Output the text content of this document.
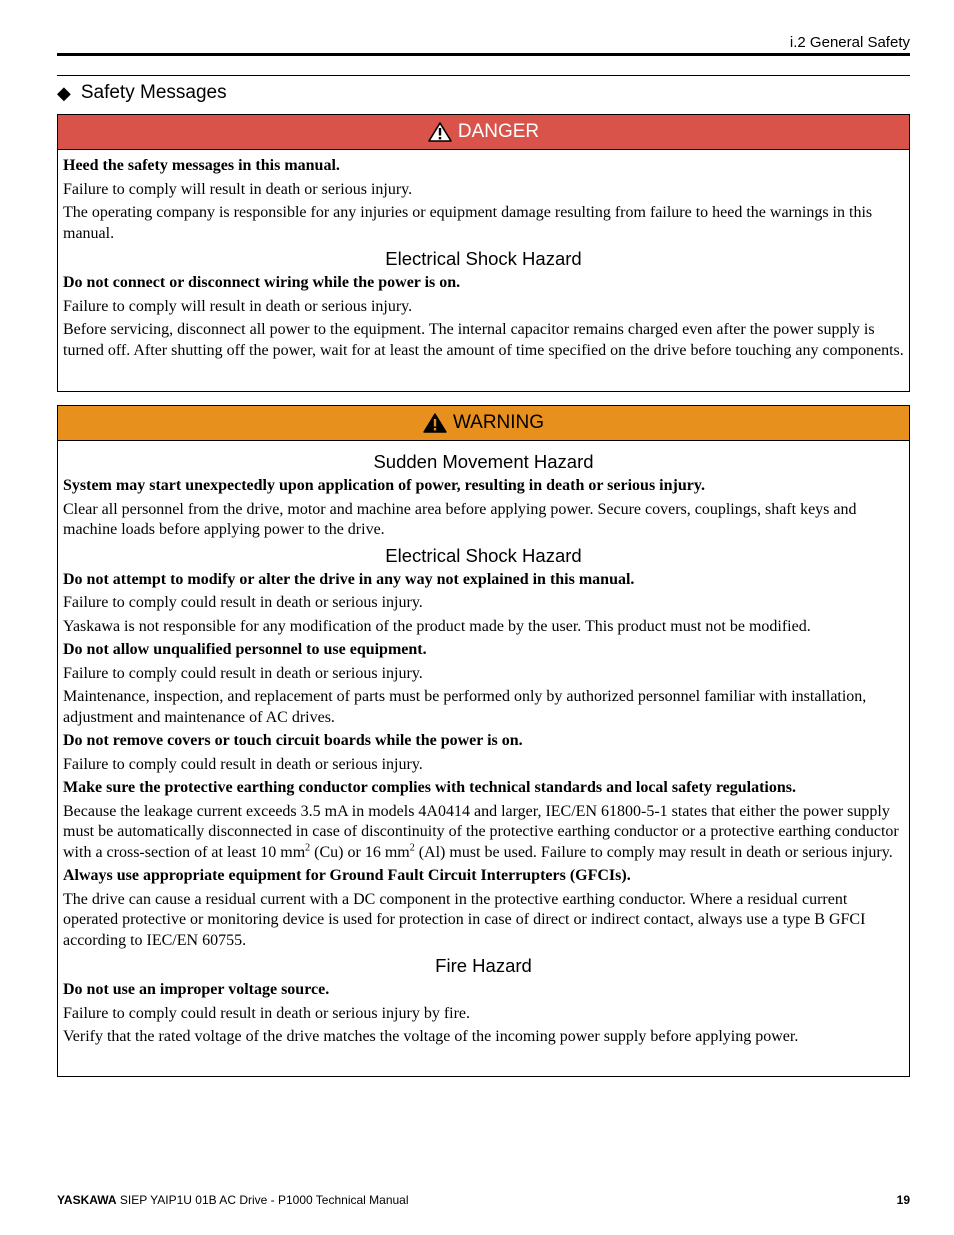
i.2 General Safety
◆ Safety Messages
DANGER

Heed the safety messages in this manual.

Failure to comply will result in death or serious injury.

The operating company is responsible for any injuries or equipment damage resulting from failure to heed the warnings in this manual.

Electrical Shock Hazard

Do not connect or disconnect wiring while the power is on.

Failure to comply will result in death or serious injury.

Before servicing, disconnect all power to the equipment. The internal capacitor remains charged even after the power supply is turned off. After shutting off the power, wait for at least the amount of time specified on the drive before touching any components.

WARNING
Sudden Movement Hazard

System may start unexpectedly upon application of power, resulting in death or serious injury.

Clear all personnel from the drive, motor and machine area before applying power. Secure covers, couplings, shaft keys and machine loads before applying power to the drive.

Electrical Shock Hazard

Do not attempt to modify or alter the drive in any way not explained in this manual.

Failure to comply could result in death or serious injury.

Yaskawa is not responsible for any modification of the product made by the user. This product must not be modified.

Do not allow unqualified personnel to use equipment.

Failure to comply could result in death or serious injury.

Maintenance, inspection, and replacement of parts must be performed only by authorized personnel familiar with installation, adjustment and maintenance of AC drives.

Do not remove covers or touch circuit boards while the power is on.

Failure to comply could result in death or serious injury.

Make sure the protective earthing conductor complies with technical standards and local safety regulations.

Because the leakage current exceeds 3.5 mA in models 4A0414 and larger, IEC/EN 61800-5-1 states that either the power supply must be automatically disconnected in case of discontinuity of the protective earthing conductor or a protective earthing conductor with a cross-section of at least 10 $mm^2$ (Cu) or 16 $mm^2$ (Al) must be used. Failure to comply may result in death or serious injury.

Always use appropriate equipment for Ground Fault Circuit Interrupters (GFCIs).

The drive can cause a residual current with a DC component in the protective earthing conductor. Where a residual current operated protective or monitoring device is used for protection in case of direct or indirect contact, always use a type B GFCI according to IEC/EN 60755.

Fire Hazard

Do not use an improper voltage source.

Failure to comply could result in death or serious injury by fire.

Verify that the rated voltage of the drive matches the voltage of the incoming power supply before applying power.

YASKAWA SIEP YAIP1U 01B AC Drive - P1000 Technical Manual	19
